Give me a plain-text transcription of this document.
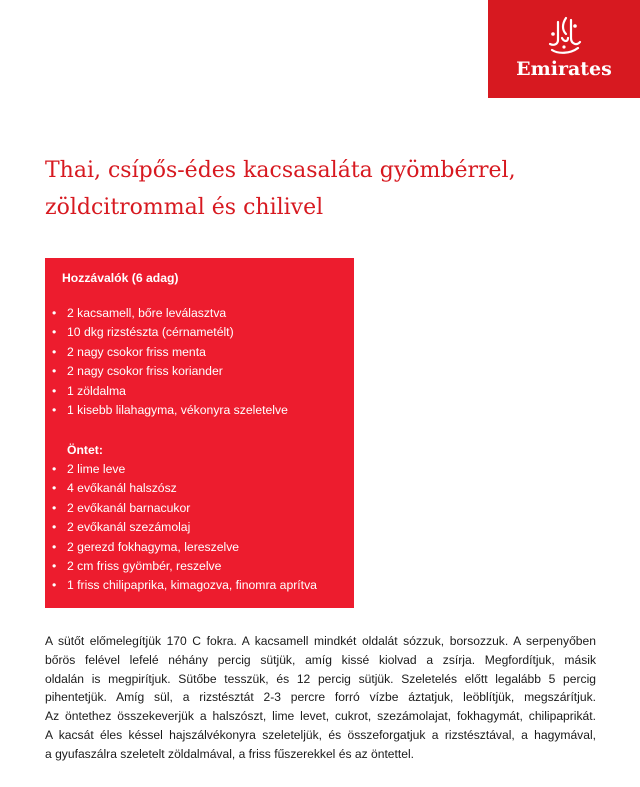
Emirates
Thai, csípős-édes kacsasaláta gyömbérrel,
zöldcitrommal és chilivel
Hozzávalók (6 adag)
• 2 kacsamell, bőre leválasztva
• 10 dkg rizstészta (cérnametélt)
• 2 nagy csokor friss menta
• 2 nagy csokor friss koriander
• 1 zöldalma
• 1 kisebb lilahagyma, vékonyra szeletelve
Öntet:
• 2 lime leve
• 4 evőkanál halszósz
• 2 evőkanál barnacukor
• 2 evőkanál szezámolaj
• 2 gerezd fokhagyma, lereszelve
• 2 cm friss gyömbér, reszelve
• 1 friss chilipaprika, kimagozva, finomra aprítva

A sütőt előmelegítjük 170 C fokra. A kacsamell mindkét oldalát sózzuk, borsozzuk. A serpenyőben
bőrös felével lefelé néhány percig sütjük, amíg kissé kiolvad a zsírja. Megfordítjuk, másik
oldalán is megpirítjuk. Sütőbe tesszük, és 12 percig sütjük. Szeletelés előtt legalább 5 percig
pihentetjük. Amíg sül, a rizstésztát 2-3 percre forró vízbe áztatjuk, leöblítjük, megszárítjuk.
Az öntethez összekeverjük a halszószt, lime levet, cukrot, szezámolajat, fokhagymát, chilipaprikát.
A kacsát éles késsel hajszálvékonyra szeleteljük, és összeforgatjuk a rizstésztával, a hagymával,
a gyufaszálra szeletelt zöldalmával, a friss fűszerekkel és az öntettel.
